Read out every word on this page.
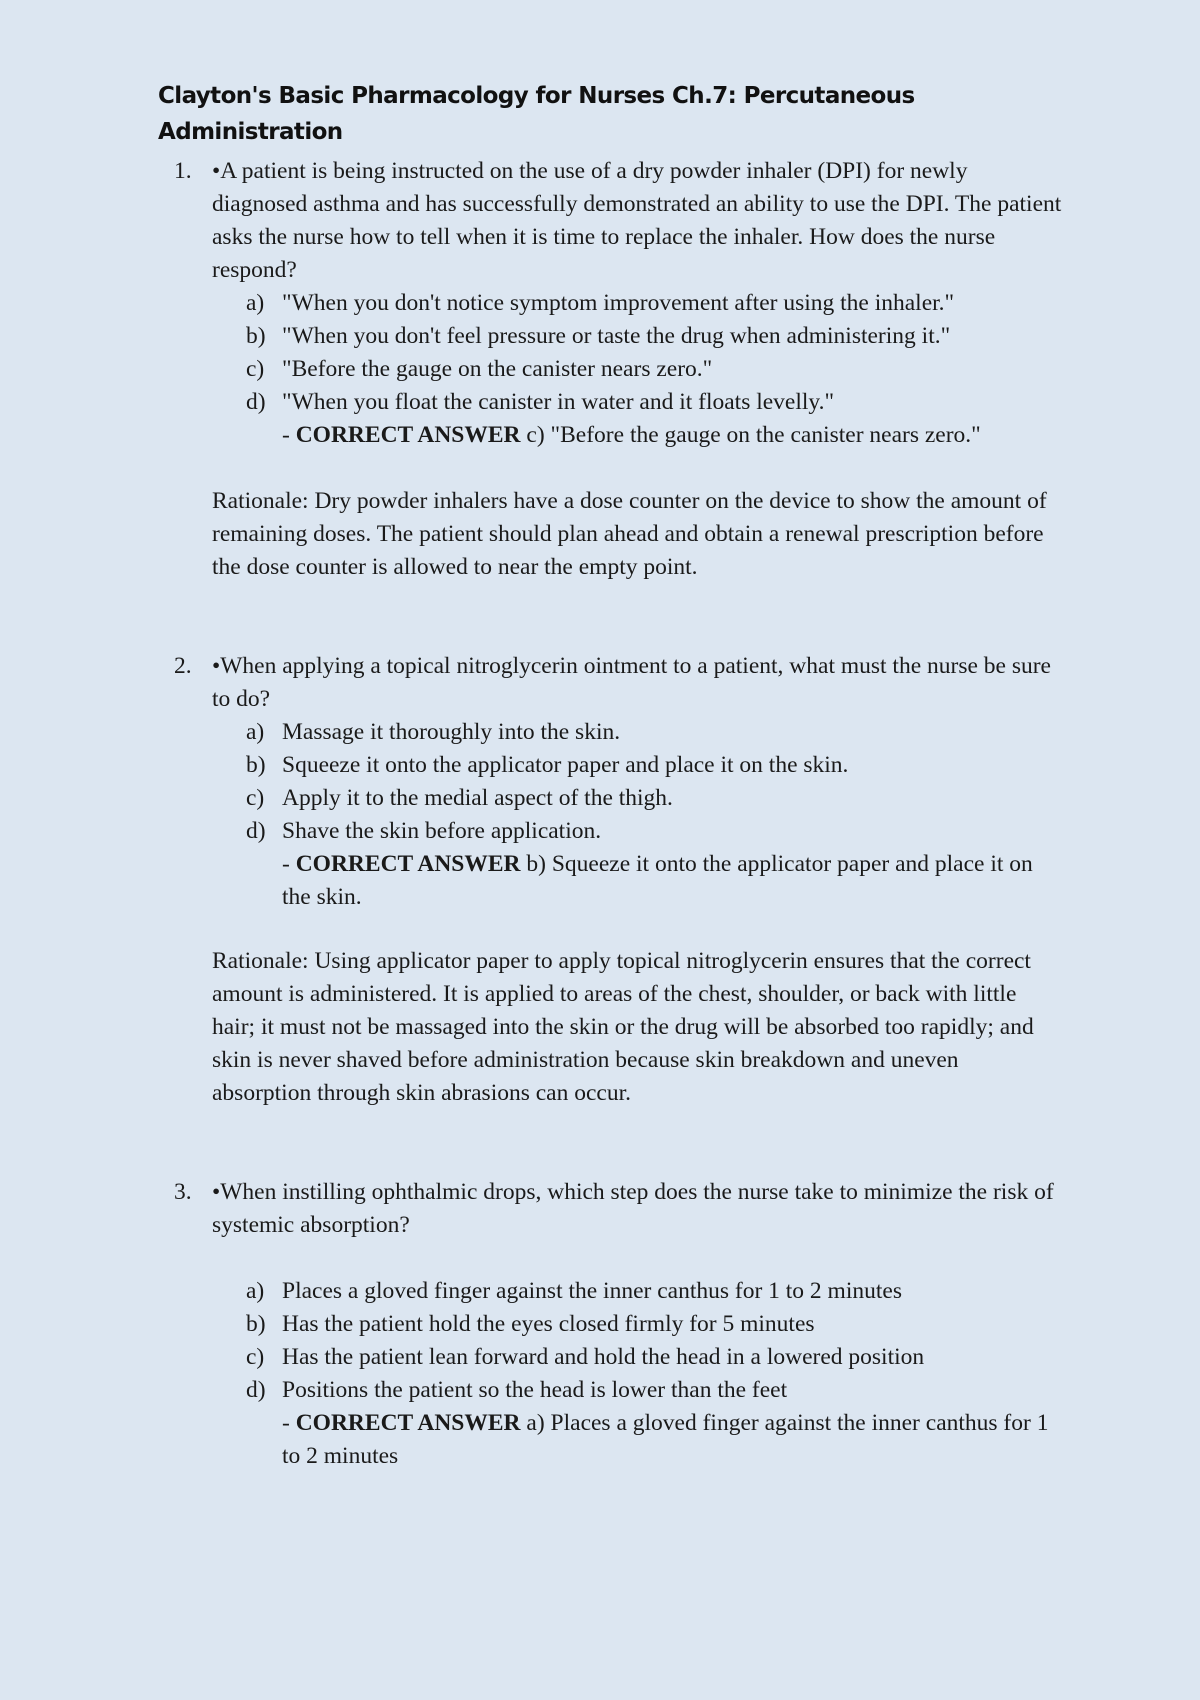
Clayton's Basic Pharmacology for Nurses Ch.7: Percutaneous Administration
1. •A patient is being instructed on the use of a dry powder inhaler (DPI) for newly diagnosed asthma and has successfully demonstrated an ability to use the DPI. The patient asks the nurse how to tell when it is time to replace the inhaler. How does the nurse respond?
a) "When you don't notice symptom improvement after using the inhaler."
b) "When you don't feel pressure or taste the drug when administering it."
c) "Before the gauge on the canister nears zero."
d) "When you float the canister in water and it floats levelly."
- CORRECT ANSWER c) "Before the gauge on the canister nears zero."
Rationale: Dry powder inhalers have a dose counter on the device to show the amount of remaining doses. The patient should plan ahead and obtain a renewal prescription before the dose counter is allowed to near the empty point.
2. •When applying a topical nitroglycerin ointment to a patient, what must the nurse be sure to do?
a) Massage it thoroughly into the skin.
b) Squeeze it onto the applicator paper and place it on the skin.
c) Apply it to the medial aspect of the thigh.
d) Shave the skin before application.
- CORRECT ANSWER b) Squeeze it onto the applicator paper and place it on the skin.
Rationale: Using applicator paper to apply topical nitroglycerin ensures that the correct amount is administered. It is applied to areas of the chest, shoulder, or back with little hair; it must not be massaged into the skin or the drug will be absorbed too rapidly; and skin is never shaved before administration because skin breakdown and uneven absorption through skin abrasions can occur.
3. •When instilling ophthalmic drops, which step does the nurse take to minimize the risk of systemic absorption?
a) Places a gloved finger against the inner canthus for 1 to 2 minutes
b) Has the patient hold the eyes closed firmly for 5 minutes
c) Has the patient lean forward and hold the head in a lowered position
d) Positions the patient so the head is lower than the feet
- CORRECT ANSWER a) Places a gloved finger against the inner canthus for 1 to 2 minutes
